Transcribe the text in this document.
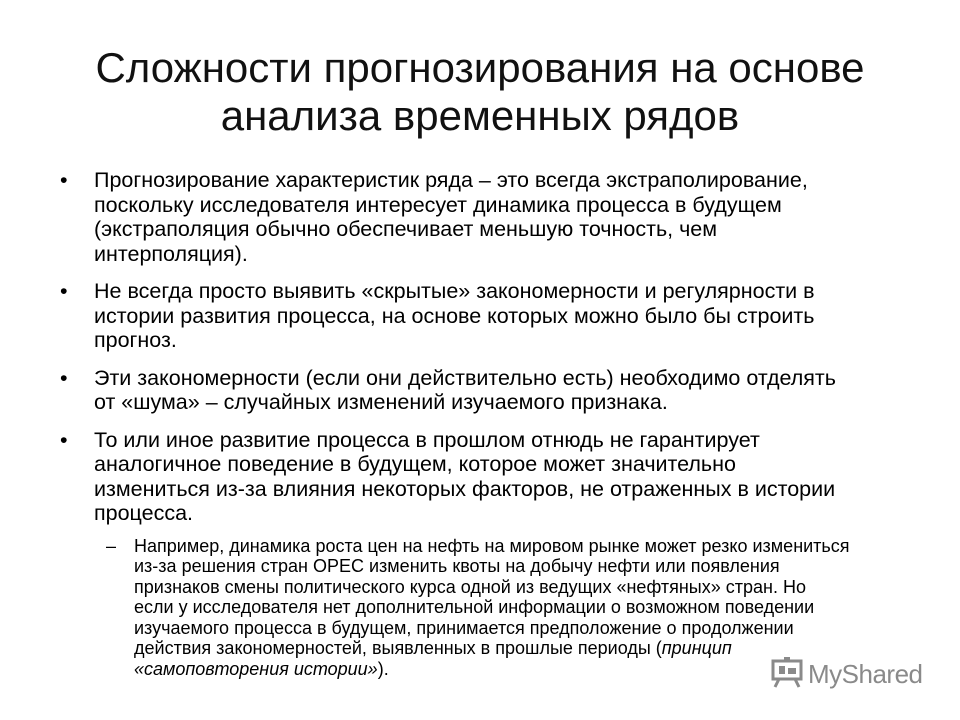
Сложности прогнозирования на основе анализа временных рядов
• Прогнозирование характеристик ряда – это всегда экстраполирование, поскольку исследователя интересует динамика процесса в будущем (экстраполяция обычно обеспечивает меньшую точность, чем интерполяция).
• Не всегда просто выявить «скрытые» закономерности и регулярности в истории развития процесса, на основе которых можно было бы строить прогноз.
• Эти закономерности (если они действительно есть) необходимо отделять от «шума» – случайных изменений изучаемого признака.
• То или иное развитие процесса в прошлом отнюдь не гарантирует аналогичное поведение в будущем, которое может значительно измениться из-за влияния некоторых факторов, не отраженных в истории процесса.
– Например, динамика роста цен на нефть на мировом рынке может резко измениться из-за решения стран OPEC изменить квоты на добычу нефти или появления признаков смены политического курса одной из ведущих «нефтяных» стран. Но если у исследователя нет дополнительной информации о возможном поведении изучаемого процесса в будущем, принимается предположение о продолжении действия закономерностей, выявленных в прошлые периоды (принцип «самоповторения истории»).	MyShared
